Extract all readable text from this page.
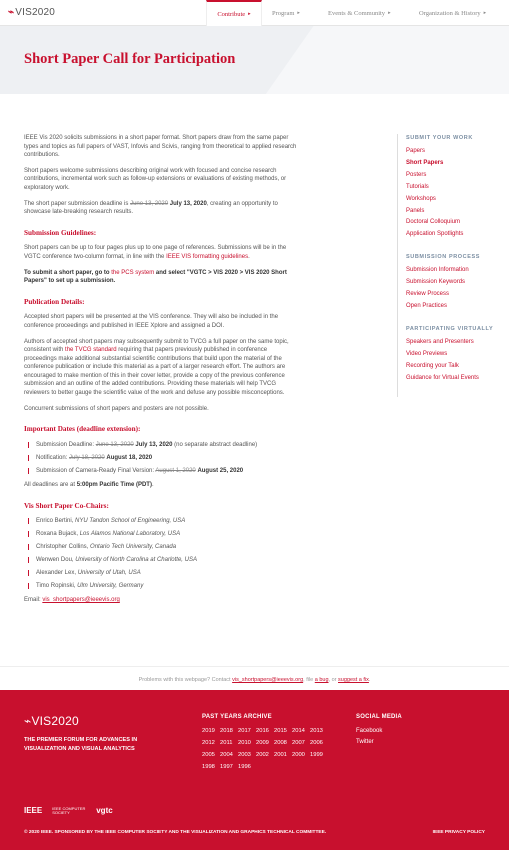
⌁VIS2020	Contribute ▸	Program ▸	Events & Community ▸	Organization & History ▸
Short Paper Call for Participation

IEEE Vis 2020 solicits submissions in a short paper format. Short papers draw from the same paper types and topics as full papers of VAST, Infovis and Scivis, ranging from theoretical to applied research contributions.

Short papers welcome submissions describing original work with focused and concise research contributions, incremental work such as follow-up extensions or evaluations of existing methods, or exploratory work.

The short paper submission deadline is June 13, 2020 July 13, 2020, creating an opportunity to showcase late-breaking research results.

Submission Guidelines:

Short papers can be up to four pages plus up to one page of references. Submissions will be in the VGTC conference two-column format, in line with the IEEE VIS formatting guidelines.

To submit a short paper, go to the PCS system and select "VGTC > VIS 2020 > VIS 2020 Short Papers" to set up a submission.

Publication Details:

Accepted short papers will be presented at the VIS conference. They will also be included in the conference proceedings and published in IEEE Xplore and assigned a DOI.

Authors of accepted short papers may subsequently submit to TVCG a full paper on the same topic, consistent with the TVCG standard requiring that papers previously published in conference proceedings make additional substantial scientific contributions that build upon the material of the conference publication or include this material as a part of a larger research effort. The authors are encouraged to make mention of this in their cover letter, provide a copy of the previous conference submission and an outline of the added contributions. Providing these materials will help TVCG reviewers to better gauge the scientific value of the work and defuse any possible misconceptions.

Concurrent submissions of short papers and posters are not possible.

Important Dates (deadline extension):
Submission Deadline: June 13, 2020 July 13, 2020 (no separate abstract deadline)
Notification: July 18, 2020 August 18, 2020
Submission of Camera-Ready Final Version: August 1, 2020 August 25, 2020

All deadlines are at 5:00pm Pacific Time (PDT).

Vis Short Paper Co-Chairs:
Enrico Bertini, NYU Tandon School of Engineering, USA
Roxana Bujack, Los Alamos National Laboratory, USA
Christopher Collins, Ontario Tech University, Canada
Wenwen Dou, University of North Carolina at Charlotte, USA
Alexander Lex, University of Utah, USA
Timo Ropinski, Ulm University, Germany

Email: vis_shortpapers@ieeevis.org

SUBMIT YOUR WORK
Papers
Short Papers
Posters
Tutorials
Workshops
Panels
Doctoral Colloquium
Application Spotlights
SUBMISSION PROCESS
Submission Information
Submission Keywords
Review Process
Open Practices
PARTICIPATING VIRTUALLY
Speakers and Presenters
Video Previews
Recording your Talk
Guidance for Virtual Events
Problems with this webpage? Contact vis_shortpapers@ieeevis.org, file a bug, or suggest a fix.
⌁VIS2020
THE PREMIER FORUM FOR ADVANCES IN VISUALIZATION AND VISUAL ANALYTICS
PAST YEARS ARCHIVE
2019 2018 2017 2016 2015 2014 2013
2012 2011 2010 2009 2008 2007 2006
2005 2004 2003 2002 2001 2000 1999
1998 1997 1996
SOCIAL MEDIA
Facebook
Twitter
IEEE	IEEE COMPUTER SOCIETY	vgtc
© 2020 IEEE. SPONSORED BY THE IEEE COMPUTER SOCIETY AND THE VISUALIZATION AND GRAPHICS TECHNICAL COMMITTEE.	IEEE PRIVACY POLICY
